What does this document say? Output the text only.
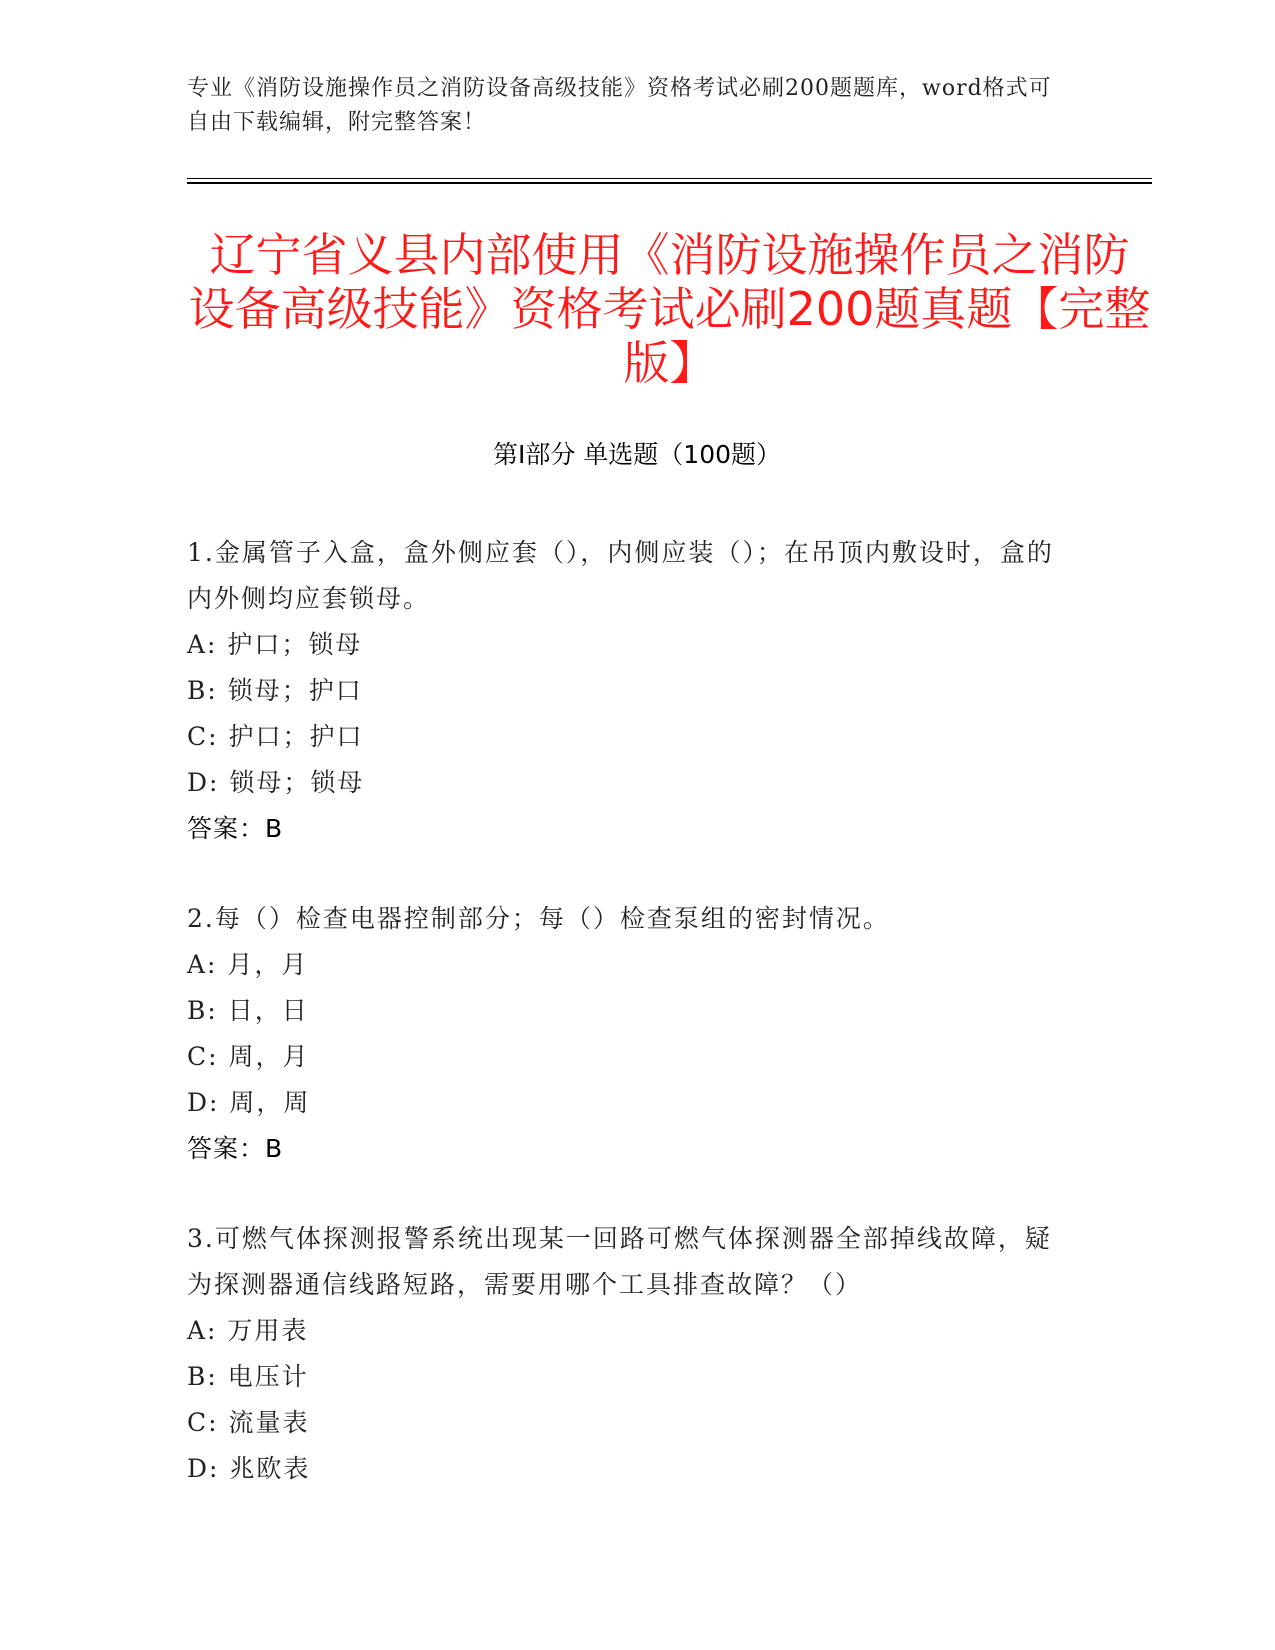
专业《消防设施操作员之消防设备高级技能》资格考试必刷200题题库，word格式可自由下载编辑，附完整答案！
辽宁省义县内部使用《消防设施操作员之消防设备高级技能》资格考试必刷200题真题【完整版】
第Ⅰ部分 单选题（100题）
1.金属管子入盒，盒外侧应套（），内侧应装（）；在吊顶内敷设时，盒的内外侧均应套锁母。
A: 护口；锁母
B: 锁母；护口
C: 护口；护口
D: 锁母；锁母
答案：B
2.每（）检查电器控制部分；每（）检查泵组的密封情况。
A: 月，月
B: 日，日
C: 周，月
D: 周，周
答案：B
3.可燃气体探测报警系统出现某一回路可燃气体探测器全部掉线故障，疑为探测器通信线路短路，需要用哪个工具排查故障？（）
A: 万用表
B: 电压计
C: 流量表
D: 兆欧表
